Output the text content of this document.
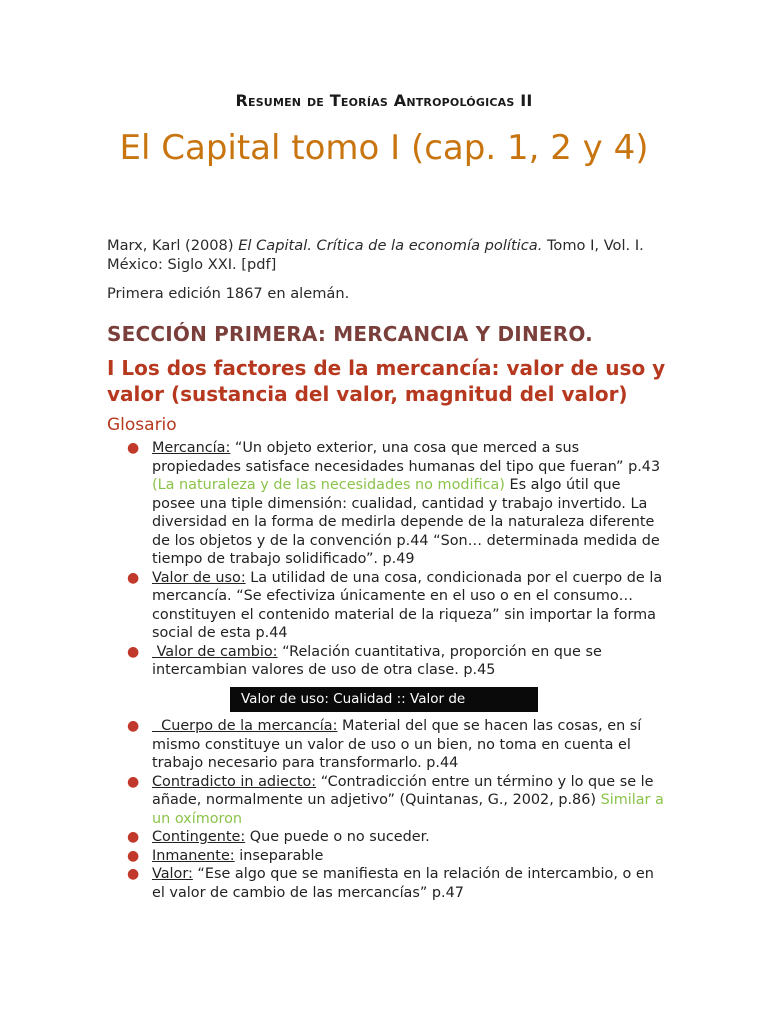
Resumen de Teorías Antropológicas II
El Capital tomo I (cap. 1, 2 y 4)
Marx, Karl (2008) El Capital. Crítica de la economía política. Tomo I, Vol. I. México: Siglo XXI. [pdf]
Primera edición 1867 en alemán.
SECCIÓN PRIMERA: MERCANCIA Y DINERO.
I Los dos factores de la mercancía: valor de uso y valor (sustancia del valor, magnitud del valor)
Glosario
● Mercancía: “Un objeto exterior, una cosa que merced a sus propiedades satisface necesidades humanas del tipo que fueran” p.43 (La naturaleza y de las necesidades no modifica) Es algo útil que posee una tiple dimensión: cualidad, cantidad y trabajo invertido. La diversidad en la forma de medirla depende de la naturaleza diferente de los objetos y de la convención p.44 “Son… determinada medida de tiempo de trabajo solidificado”. p.49
● Valor de uso: La utilidad de una cosa, condicionada por el cuerpo de la mercancía. “Se efectiviza únicamente en el uso o en el consumo…constituyen el contenido material de la riqueza” sin importar la forma social de esta p.44
● Valor de cambio: “Relación cuantitativa, proporción en que se intercambian valores de uso de otra clase. p.45
Valor de uso: Cualidad :: Valor de
● Cuerpo de la mercancía: Material del que se hacen las cosas, en sí mismo constituye un valor de uso o un bien, no toma en cuenta el trabajo necesario para transformarlo. p.44
● Contradicto in adiecto: “Contradicción entre un término y lo que se le añade, normalmente un adjetivo” (Quintanas, G., 2002, p.86) Similar a un oxímoron
● Contingente: Que puede o no suceder.
● Inmanente: inseparable
● Valor: “Ese algo que se manifiesta en la relación de intercambio, o en el valor de cambio de las mercancías” p.47
